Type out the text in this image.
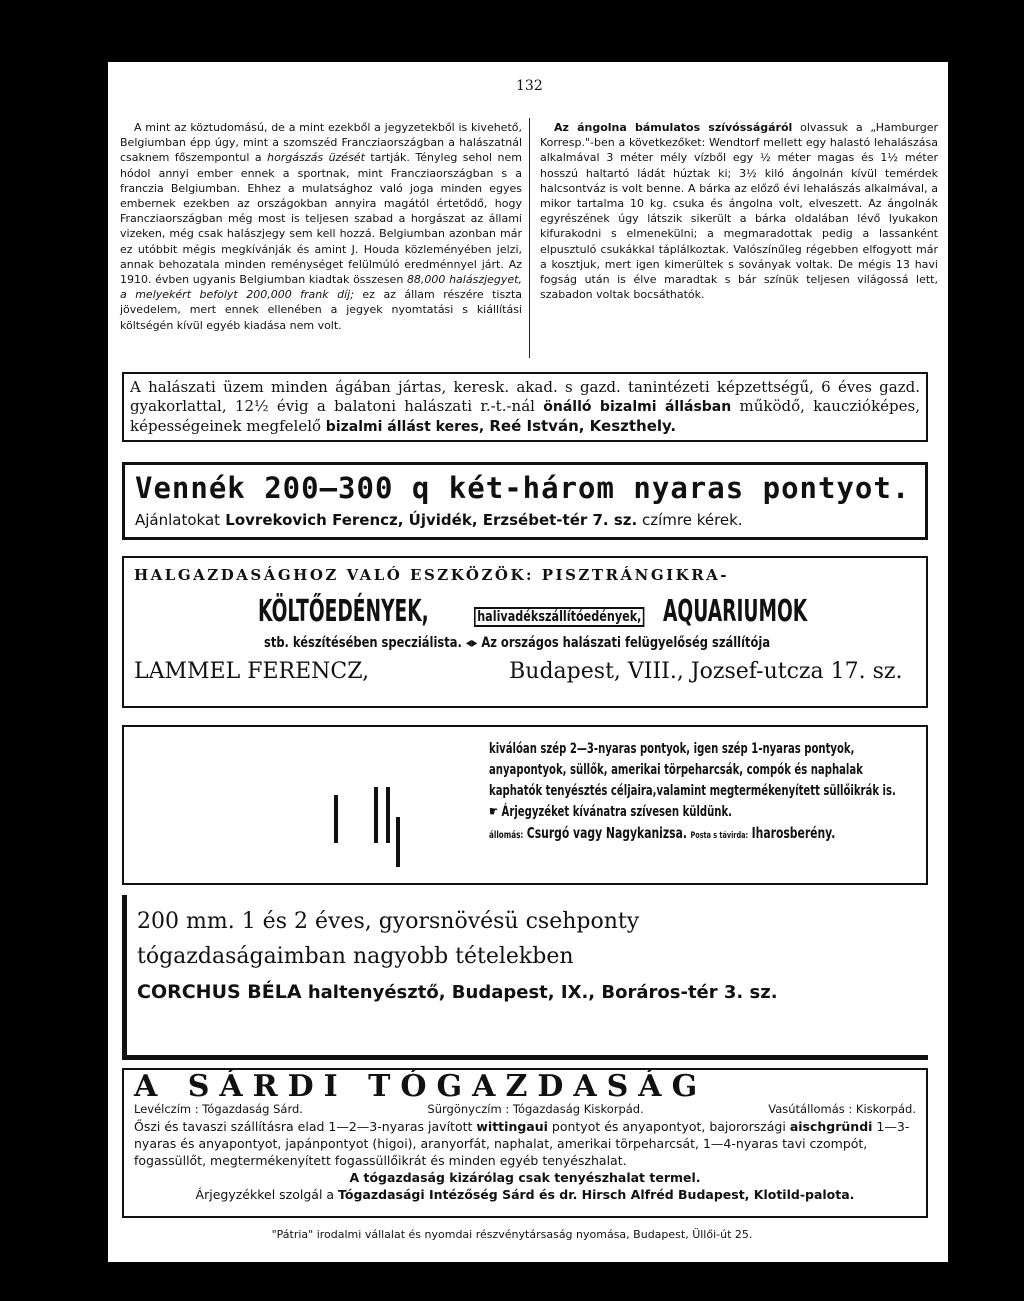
132

A mint az köztudomású, de a mint ezekből a jegyzetekből is kivehető, Belgiumban épp úgy, mint a szomszéd Francziaországban a halászatnál csaknem főszempontul a horgászás üzését tartják. Tényleg sehol nem hódol annyi ember ennek a sportnak, mint Francziaországban s a franczia Belgiumban. Ehhez a mulatsághoz való joga minden egyes embernek ezekben az országokban annyira magától értetődő, hogy Francziaországban még most is teljesen szabad a horgászat az állami vizeken, még csak halászjegy sem kell hozzá. Belgiumban azonban már ez utóbbit mégis megkívánják és amint J. Houda közleményében jelzi, annak behozatala minden reménységet felülmúló eredménnyel járt. Az 1910. évben ugyanis Belgiumban kiadtak összesen 88,000 halászjegyet, a melyekért befolyt 200,000 frank díj; ez az állam részére tiszta jövedelem, mert ennek ellenében a jegyek nyomtatási s kiállítási költségén kívül egyéb kiadása nem volt.

Az ángolna bámulatos szívósságáról olvassuk a „Hamburger Korresp."-ben a következőket: Wendtorf mellett egy halastó lehalászása alkalmával 3 méter mély vízből egy ½ méter magas és 1½ méter hosszú haltartó ládát húztak ki; 3½ kiló ángolnán kívül temérdek halcsontváz is volt benne. A bárka az előző évi lehalászás alkalmával, a mikor tartalma 10 kg. csuka és ángolna volt, elveszett. Az ángolnák egyrészének úgy látszik sikerült a bárka oldalában lévő lyukakon kifurakodni s elmenekülni; a megmaradottak pedig a lassanként elpusztuló csukákkal táplálkoztak. Valószínűleg régebben elfogyott már a kosztjuk, mert igen kimerültek s soványak voltak. De mégis 13 havi fogság után is élve maradtak s bár színük teljesen világossá lett, szabadon voltak bocsáthatók.

A halászati üzem minden ágában jártas, keresk. akad. s gazd. tanintézeti képzettségű, 6 éves gazd. gyakorlattal, 12½ évig a balatoni halászati r.-t.-nál önálló bizalmi állásban működő, kauczióképes, képességeinek megfelelő bizalmi állást keres, Reé István, Keszthely.
Vennék 200—300 q két-három nyaras pontyot.
Ajánlatokat Lovrekovich Ferencz, Újvidék, Erzsébet-tér 7. sz. czímre kérek.
HALGAZDASÁGHOZ VALÓ ESZKÖZÖK: PISZTRÁNGIKRA-
KÖLTŐEDÉNYEK,	halivadékszállítóedények, AQUARIUMOK
stb. készítésében specziálista. ◂▸ Az országos halászati felügyelőség szállítója
LAMMEL FERENCZ,	Budapest, VIII., Jozsef-utcza 17. sz.
kiválóan szép 2—3-nyaras pontyok, igen szép 1-nyaras pontyok,
anyapontyok, süllők, amerikai törpeharcsák, compók és naphalak
kaphatók tenyésztés céljaira,valamint megtermékenyített süllőikrák is.
☛ Árjegyzéket kívánatra szívesen küldünk.
állomás: Csurgó vagy Nagykanizsa. Posta s távirda: Iharosberény.
200 mm. 1 és 2 éves, gyorsnövésü csehponty
tógazdaságaimban nagyobb tételekben
CORCHUS BÉLA haltenyésztő, Budapest, IX., Boráros-tér 3. sz.
A SÁRDI TÓGAZDASÁG
Levélczím : Tógazdaság Sárd.	Sürgönyczím : Tógazdaság Kiskorpád.	Vasútállomás : Kiskorpád.
Őszi és tavaszi szállításra elad 1—2—3-nyaras javított wittingaui pontyot és anyapontyot, bajorországi aischgründi 1—3-nyaras és anyapontyot, japánpontyot (higoi), aranyorfát, naphalat, amerikai törpeharcsát, 1—4-nyaras tavi czompót, fogassüllőt, megtermékenyített fogassüllőikrát és minden egyéb tenyészhalat.
A tógazdaság kizárólag csak tenyészhalat termel.
Árjegyzékkel szolgál a Tógazdasági Intézőség Sárd és dr. Hirsch Alfréd Budapest, Klotild-palota.
"Pátria" irodalmi vállalat és nyomdai részvénytársaság nyomása, Budapest, Üllői-út 25.
